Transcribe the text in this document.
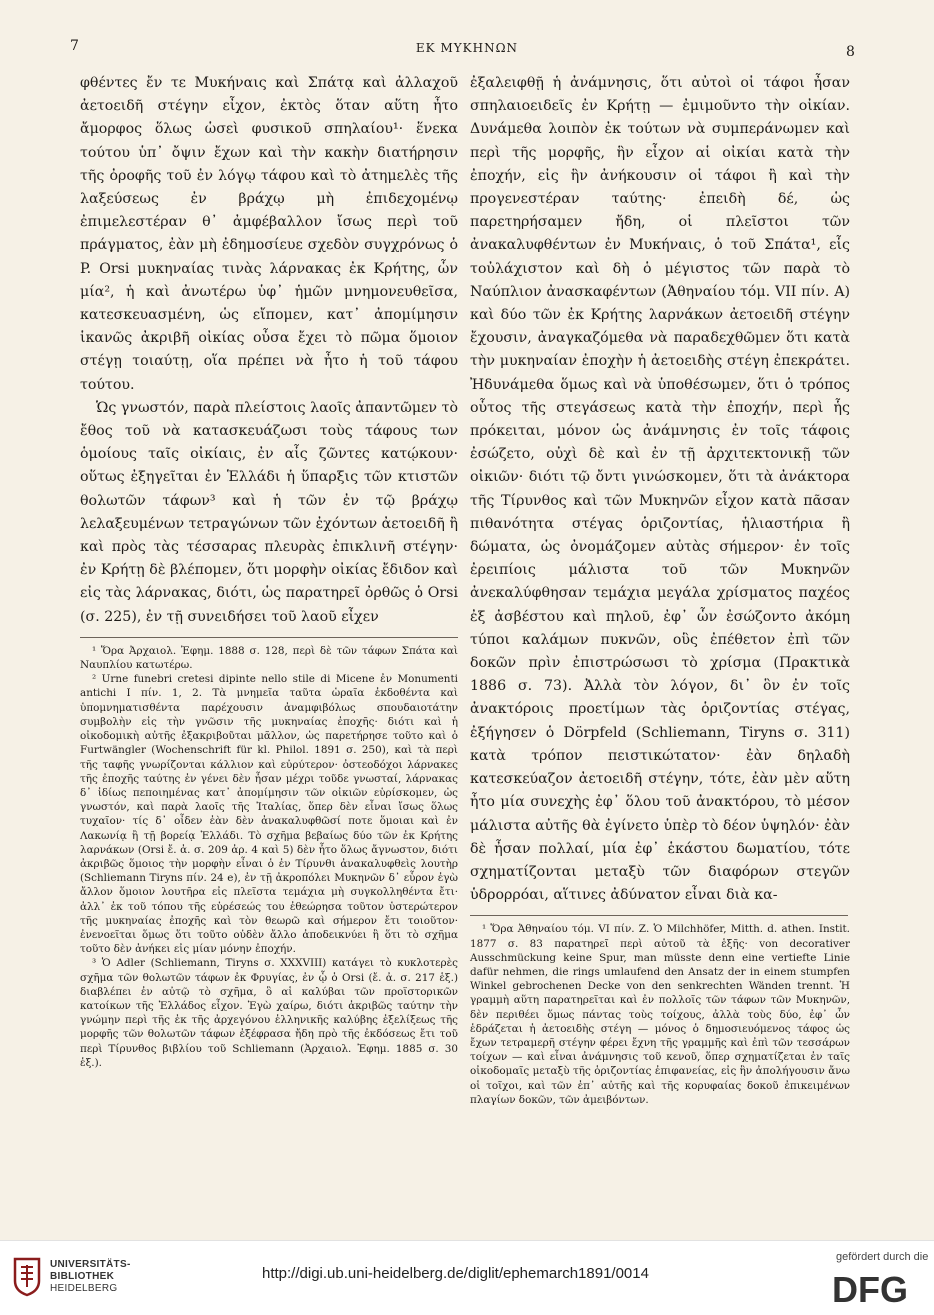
7	ΕΚ ΜΥΚΗΝΩΝ	8

φθέντες ἔν τε Μυκήναις καὶ Σπάτᾳ καὶ ἀλλαχοῦ ἀετοειδῆ στέγην εἶχον, ἐκτὸς ὅταν αὕτη ἦτο ἄμορφος ὅλως ὡσεὶ φυσικοῦ σπηλαίου¹· ἕνεκα τούτου ὑπ᾽ ὄψιν ἔχων καὶ τὴν κακὴν διατήρησιν τῆς ὀροφῆς τοῦ ἐν λόγῳ τάφου καὶ τὸ ἀτημελὲς τῆς λαξεύσεως ἐν βράχῳ μὴ ἐπιδεχομένῳ ἐπιμελεστέραν θ᾽ ἀμφέβαλλον ἴσως περὶ τοῦ πράγματος, ἐὰν μὴ ἐδημοσίευε σχεδὸν συγχρόνως ὁ P. Orsi μυκηναίας τινὰς λάρνακας ἐκ Κρήτης, ὧν μία², ἡ καὶ ἀνωτέρω ὑφ᾽ ἡμῶν μνημονευθεῖσα, κατεσκευασμένη, ὡς εἴπομεν, κατ᾽ ἀπομίμησιν ἱκανῶς ἀκριβῆ οἰκίας οὖσα ἔχει τὸ πῶμα ὅμοιον στέγῃ τοιαύτῃ, οἵα πρέπει νὰ ἦτο ἡ τοῦ τάφου τούτου.

Ὡς γνωστόν, παρὰ πλείστοις λαοῖς ἀπαντῶμεν τὸ ἔθος τοῦ νὰ κατασκευάζωσι τοὺς τάφους των ὁμοίους ταῖς οἰκίαις, ἐν αἷς ζῶντες κατῴκουν· οὕτως ἐξηγεῖται ἐν Ἑλλάδι ἡ ὕπαρξις τῶν κτιστῶν θολωτῶν τάφων³ καὶ ἡ τῶν ἐν τῷ βράχῳ λελαξευμένων τετραγώνων τῶν ἐχόντων ἀετοειδῆ ἢ καὶ πρὸς τὰς τέσσαρας πλευρὰς ἐπικλινῆ στέγην· ἐν Κρήτῃ δὲ βλέπομεν, ὅτι μορφὴν οἰκίας ἔδιδον καὶ εἰς τὰς λάρνακας, διότι, ὡς παρατηρεῖ ὀρθῶς ὁ Orsi (σ. 225), ἐν τῇ συνειδήσει τοῦ λαοῦ εἶχεν

¹ Ὅρα Ἀρχαιολ. Ἐφημ. 1888 σ. 128, περὶ δὲ τῶν τάφων Σπάτα καὶ Ναυπλίου κατωτέρω.

² Urne funebri cretesi dipinte nello stile di Micene ἐν Monumenti antichi I πίν. 1, 2. Τὰ μνημεῖα ταῦτα ὡραῖα ἐκδοθέντα καὶ ὑπομνηματισθέντα παρέχουσιν ἀναμφιβόλως σπουδαιοτάτην συμβολὴν εἰς τὴν γνῶσιν τῆς μυκηναίας ἐποχῆς· διότι καὶ ἡ οἰκοδομικὴ αὐτῆς ἐξακριβοῦται μᾶλλον, ὡς παρετήρησε τοῦτο καὶ ὁ Furtwängler (Wochenschrift für kl. Philol. 1891 σ. 250), καὶ τὰ περὶ τῆς ταφῆς γνωρίζονται κάλλιον καὶ εὐρύτερον· ὀστεοδόχοι λάρνακες τῆς ἐποχῆς ταύτης ἐν γένει δὲν ἦσαν μέχρι τοῦδε γνωσταί, λάρνακας δ᾽ ἰδίως πεποιημένας κατ᾽ ἀπομίμησιν τῶν οἰκιῶν εὑρίσκομεν, ὡς γνωστόν, καὶ παρὰ λαοῖς τῆς Ἰταλίας, ὅπερ δὲν εἶναι ἴσως ὅλως τυχαῖον· τίς δ᾽ οἶδεν ἐὰν δὲν ἀνακαλυφθῶσί ποτε ὅμοιαι καὶ ἐν Λακωνίᾳ ἢ τῇ βορείᾳ Ἑλλάδι. Τὸ σχῆμα βεβαίως δύο τῶν ἐκ Κρήτης λαρνάκων (Orsi ἔ. ἀ. σ. 209 ἀρ. 4 καὶ 5) δὲν ἦτο ὅλως ἄγνωστον, διότι ἀκριβῶς ὅμοιος τὴν μορφὴν εἶναι ὁ ἐν Τίρυνθι ἀνακαλυφθεὶς λουτὴρ (Schliemann Tiryns πίν. 24 e), ἐν τῇ ἀκροπόλει Μυκηνῶν δ᾽ εὗρον ἐγὼ ἄλλον ὅμοιον λουτῆρα εἰς πλεῖστα τεμάχια μὴ συγκολληθέντα ἔτι· ἀλλ᾽ ἐκ τοῦ τόπου τῆς εὑρέσεώς του ἐθεώρησα τοῦτον ὑστερώτερον τῆς μυκηναίας ἐποχῆς καὶ τὸν θεωρῶ καὶ σήμερον ἔτι τοιοῦτον· ἐνενοεῖται ὅμως ὅτι τοῦτο οὐδὲν ἄλλο ἀποδεικνύει ἢ ὅτι τὸ σχῆμα τοῦτο δὲν ἀνήκει εἰς μίαν μόνην ἐποχήν.

³ Ὁ Adler (Schliemann, Tiryns σ. XXXVIII) κατάγει τὸ κυκλοτερὲς σχῆμα τῶν θολωτῶν τάφων ἐκ Φρυγίας, ἐν ᾧ ὁ Orsi (ἔ. ἀ. σ. 217 ἑξ.) διαβλέπει ἐν αὐτῷ τὸ σχῆμα, ὃ αἱ καλύβαι τῶν προϊστορικῶν κατοίκων τῆς Ἑλλάδος εἶχον. Ἐγὼ χαίρω, διότι ἀκριβῶς ταύτην τὴν γνώμην περὶ τῆς ἐκ τῆς ἀρχεγόνου ἑλληνικῆς καλύβης ἐξελίξεως τῆς μορφῆς τῶν θολωτῶν τάφων ἐξέφρασα ἤδη πρὸ τῆς ἐκδόσεως ἔτι τοῦ περὶ Τίρυνθος βιβλίου τοῦ Schliemann (Ἀρχαιολ. Ἐφημ. 1885 σ. 30 ἑξ.).

ἐξαλειφθῇ ἡ ἀνάμνησις, ὅτι αὐτοὶ οἱ τάφοι ἦσαν σπηλαιοειδεῖς ἐν Κρήτῃ — ἐμιμοῦντο τὴν οἰκίαν. Δυνάμεθα λοιπὸν ἐκ τούτων νὰ συμπεράνωμεν καὶ περὶ τῆς μορφῆς, ἣν εἶχον αἱ οἰκίαι κατὰ τὴν ἐποχήν, εἰς ἣν ἀνήκουσιν οἱ τάφοι ἢ καὶ τὴν προγενεστέραν ταύτης· ἐπειδὴ δέ, ὡς παρετηρήσαμεν ἤδη, οἱ πλεῖστοι τῶν ἀνακαλυφθέντων ἐν Μυκήναις, ὁ τοῦ Σπάτα¹, εἷς τοὐλάχιστον καὶ δὴ ὁ μέγιστος τῶν παρὰ τὸ Ναύπλιον ἀνασκαφέντων (Ἀθηναίου τόμ. VII πίν. Α) καὶ δύο τῶν ἐκ Κρήτης λαρνάκων ἀετοειδῆ στέγην ἔχουσιν, ἀναγκαζόμεθα νὰ παραδεχθῶμεν ὅτι κατὰ τὴν μυκηναίαν ἐποχὴν ἡ ἀετοειδὴς στέγη ἐπεκράτει. Ἠδυνάμεθα ὅμως καὶ νὰ ὑποθέσωμεν, ὅτι ὁ τρόπος οὗτος τῆς στεγάσεως κατὰ τὴν ἐποχήν, περὶ ἧς πρόκειται, μόνον ὡς ἀνάμνησις ἐν τοῖς τάφοις ἐσώζετο, οὐχὶ δὲ καὶ ἐν τῇ ἀρχιτεκτονικῇ τῶν οἰκιῶν· διότι τῷ ὄντι γινώσκομεν, ὅτι τὰ ἀνάκτορα τῆς Τίρυνθος καὶ τῶν Μυκηνῶν εἶχον κατὰ πᾶσαν πιθανότητα στέγας ὁριζοντίας, ἡλιαστήρια ἢ δώματα, ὡς ὀνομάζομεν αὐτὰς σήμερον· ἐν τοῖς ἐρειπίοις μάλιστα τοῦ τῶν Μυκηνῶν ἀνεκαλύφθησαν τεμάχια μεγάλα χρίσματος παχέος ἐξ ἀσβέστου καὶ πηλοῦ, ἐφ᾽ ὧν ἐσώζοντο ἀκόμη τύποι καλάμων πυκνῶν, οὓς ἐπέθετον ἐπὶ τῶν δοκῶν πρὶν ἐπιστρώσωσι τὸ χρίσμα (Πρακτικὰ 1886 σ. 73). Ἀλλὰ τὸν λόγον, δι᾽ ὃν ἐν τοῖς ἀνακτόροις προετίμων τὰς ὁριζοντίας στέγας, ἐξήγησεν ὁ Dörpfeld (Schliemann, Tiryns σ. 311) κατὰ τρόπον πειστικώτατον· ἐὰν δηλαδὴ κατεσκεύαζον ἀετοειδῆ στέγην, τότε, ἐὰν μὲν αὕτη ἦτο μία συνεχὴς ἐφ᾽ ὅλου τοῦ ἀνακτόρου, τὸ μέσον μάλιστα αὐτῆς θὰ ἐγίνετο ὑπὲρ τὸ δέον ὑψηλόν· ἐὰν δὲ ἦσαν πολλαί, μία ἐφ᾽ ἑκάστου δωματίου, τότε σχηματίζονται μεταξὺ τῶν διαφόρων στεγῶν ὑδρορρόαι, αἵτινες ἀδύνατον εἶναι διὰ κα-

¹ Ὅρα Ἀθηναίου τόμ. VI πίν. Ζ. Ὁ Milchhöfer, Mitth. d. athen. Instit. 1877 σ. 83 παρατηρεῖ περὶ αὐτοῦ τὰ ἑξῆς· von decorativer Ausschmückung keine Spur, man müsste denn eine vertiefte Linie dafür nehmen, die rings umlaufend den Ansatz der in einem stumpfen Winkel gebrochenen Decke von den senkrechten Wänden trennt. Ἡ γραμμὴ αὕτη παρατηρεῖται καὶ ἐν πολλοῖς τῶν τάφων τῶν Μυκηνῶν, δὲν περιθέει ὅμως πάντας τοὺς τοίχους, ἀλλὰ τοὺς δύο, ἐφ᾽ ὧν ἑδράζεται ἡ ἀετοειδὴς στέγη — μόνος ὁ δημοσιευόμενος τάφος ὡς ἔχων τετραμερῆ στέγην φέρει ἔχνη τῆς γραμμῆς καὶ ἐπὶ τῶν τεσσάρων τοίχων — καὶ εἶναι ἀνάμνησις τοῦ κενοῦ, ὅπερ σχηματίζεται ἐν ταῖς οἰκοδομαῖς μεταξὺ τῆς ὁριζοντίας ἐπιφανείας, εἰς ἣν ἀπολήγουσιν ἄνω οἱ τοῖχοι, καὶ τῶν ἐπ᾽ αὐτῆς καὶ τῆς κορυφαίας δοκοῦ ἐπικειμένων πλαγίων δοκῶν, τῶν ἀμειβόντων.

UNIVERSITÄTS-
BIBLIOTHEK
HEIDELBERG
http://digi.ub.uni-heidelberg.de/diglit/ephemarch1891/0014
gefördert durch die
DFG
